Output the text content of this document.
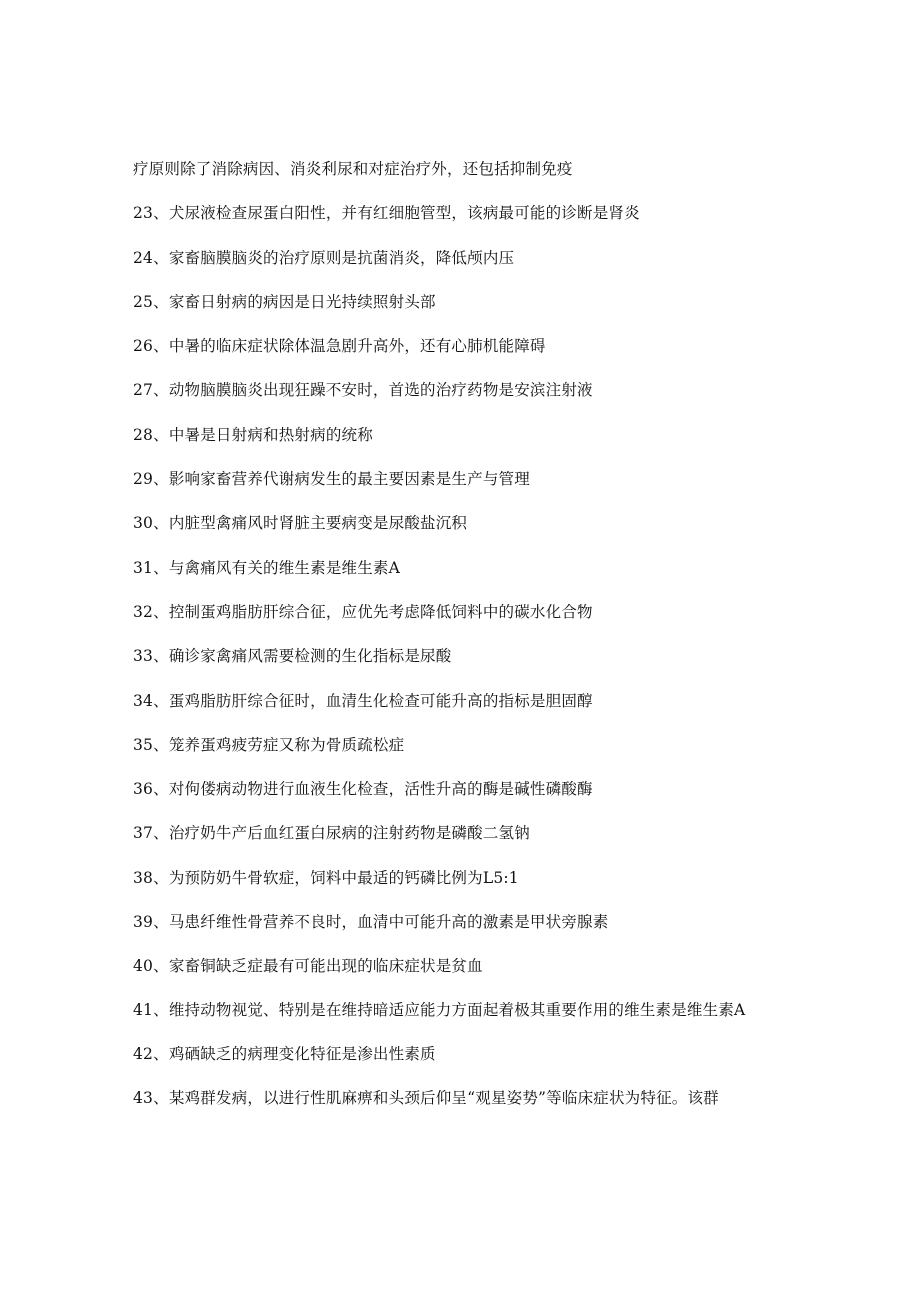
疗原则除了消除病因、消炎利尿和对症治疗外，还包括抑制免疫

23、犬尿液检查尿蛋白阳性，并有红细胞管型，该病最可能的诊断是肾炎

24、家畜脑膜脑炎的治疗原则是抗菌消炎，降低颅内压

25、家畜日射病的病因是日光持续照射头部

26、中暑的临床症状除体温急剧升高外，还有心肺机能障碍

27、动物脑膜脑炎出现狂躁不安时，首选的治疗药物是安滨注射液

28、中暑是日射病和热射病的统称

29、影响家畜营养代谢病发生的最主要因素是生产与管理

30、内脏型禽痛风时肾脏主要病变是尿酸盐沉积

31、与禽痛风有关的维生素是维生素A

32、控制蛋鸡脂肪肝综合征，应优先考虑降低饲料中的碳水化合物

33、确诊家禽痛风需要检测的生化指标是尿酸

34、蛋鸡脂肪肝综合征时，血清生化检查可能升高的指标是胆固醇

35、笼养蛋鸡疲劳症又称为骨质疏松症

36、对佝偻病动物进行血液生化检查，活性升高的酶是碱性磷酸酶

37、治疗奶牛产后血红蛋白尿病的注射药物是磷酸二氢钠

38、为预防奶牛骨软症，饲料中最适的钙磷比例为L5:1

39、马患纤维性骨营养不良时，血清中可能升高的激素是甲状旁腺素

40、家畜铜缺乏症最有可能出现的临床症状是贫血

41、维持动物视觉、特别是在维持暗适应能力方面起着极其重要作用的维生素是维生素A

42、鸡硒缺乏的病理变化特征是渗出性素质

43、某鸡群发病，以进行性肌麻痹和头颈后仰呈“观星姿势”等临床症状为特征。该群
